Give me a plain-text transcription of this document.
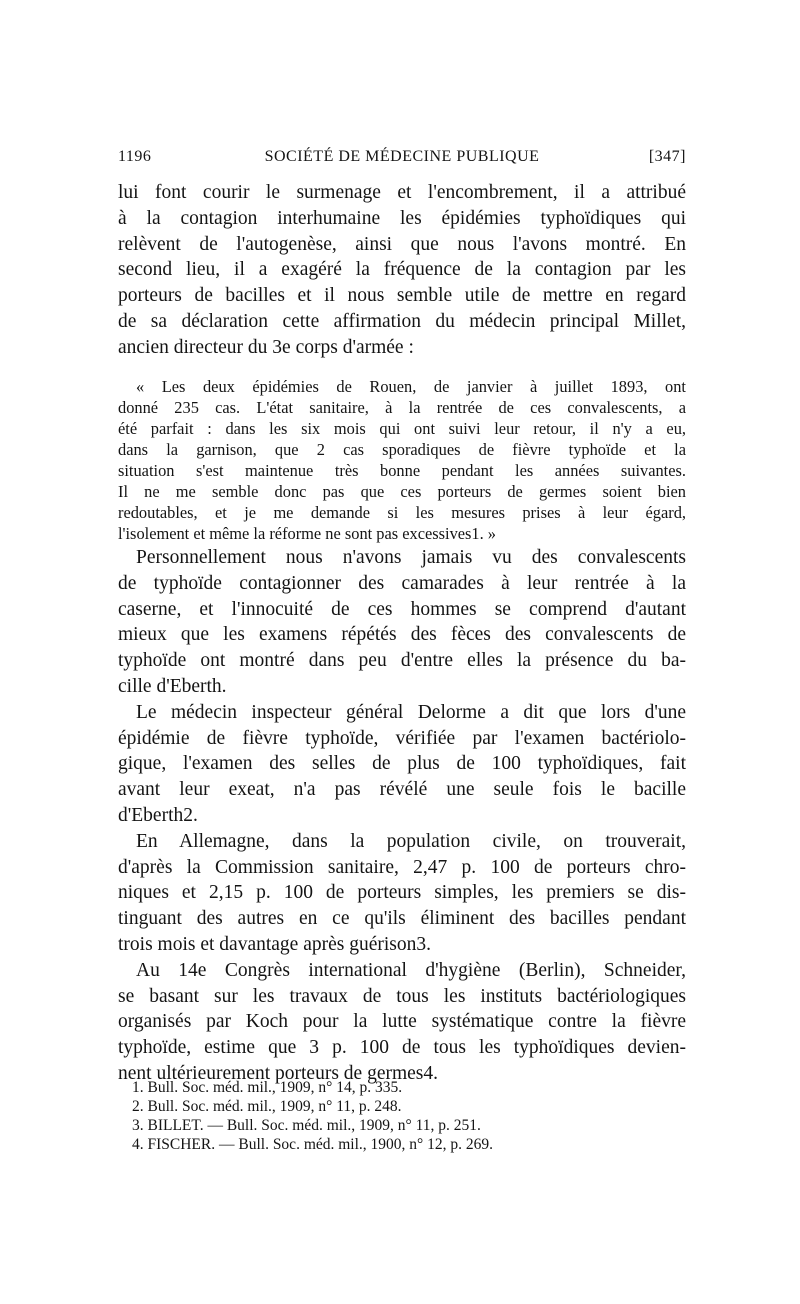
SOCIÉTÉ DE MÉDECINE PUBLIQUE
1196	[347]
lui font courir le surmenage et l'encombrement, il a attribué
à la contagion interhumaine les épidémies typhoïdiques qui
relèvent de l'autogenèse, ainsi que nous l'avons montré. En
second lieu, il a exagéré la fréquence de la contagion par les
porteurs de bacilles et il nous semble utile de mettre en regard
de sa déclaration cette affirmation du médecin principal Millet,
ancien directeur du 3e corps d'armée :
« Les deux épidémies de Rouen, de janvier à juillet 1893, ont
donné 235 cas. L'état sanitaire, à la rentrée de ces convalescents, a
été parfait : dans les six mois qui ont suivi leur retour, il n'y a eu,
dans la garnison, que 2 cas sporadiques de fièvre typhoïde et la
situation s'est maintenue très bonne pendant les années suivantes.
Il ne me semble donc pas que ces porteurs de germes soient bien
redoutables, et je me demande si les mesures prises à leur égard,
l'isolement et même la réforme ne sont pas excessives1. »
Personnellement nous n'avons jamais vu des convalescents
de typhoïde contagionner des camarades à leur rentrée à la
caserne, et l'innocuité de ces hommes se comprend d'autant
mieux que les examens répétés des fèces des convalescents de
typhoïde ont montré dans peu d'entre elles la présence du ba-
cille d'Eberth.
Le médecin inspecteur général Delorme a dit que lors d'une
épidémie de fièvre typhoïde, vérifiée par l'examen bactériolo-
gique, l'examen des selles de plus de 100 typhoïdiques, fait
avant leur exeat, n'a pas révélé une seule fois le bacille
d'Eberth2.
En Allemagne, dans la population civile, on trouverait,
d'après la Commission sanitaire, 2,47 p. 100 de porteurs chro-
niques et 2,15 p. 100 de porteurs simples, les premiers se dis-
tinguant des autres en ce qu'ils éliminent des bacilles pendant
trois mois et davantage après guérison3.
Au 14e Congrès international d'hygiène (Berlin), Schneider,
se basant sur les travaux de tous les instituts bactériologiques
organisés par Koch pour la lutte systématique contre la fièvre
typhoïde, estime que 3 p. 100 de tous les typhoïdiques devien-
nent ultérieurement porteurs de germes4.
1. Bull. Soc. méd. mil., 1909, n° 14, p. 335.
2. Bull. Soc. méd. mil., 1909, n° 11, p. 248.
3. BILLET. — Bull. Soc. méd. mil., 1909, n° 11, p. 251.
4. FISCHER. — Bull. Soc. méd. mil., 1900, n° 12, p. 269.
